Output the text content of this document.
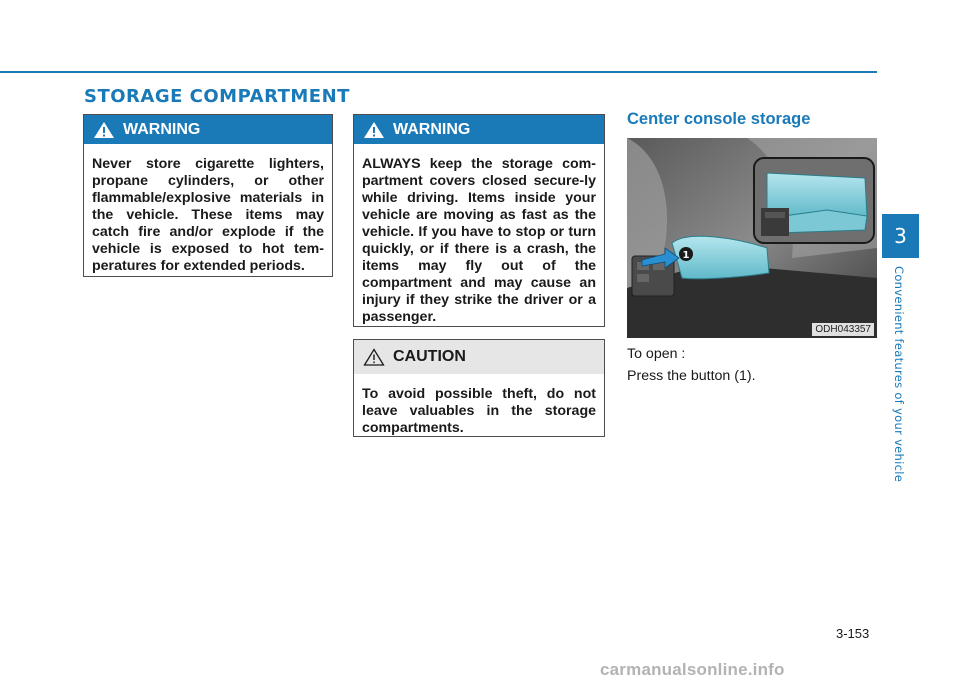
STORAGE COMPARTMENT
WARNING
Never store cigarette lighters, propane cylinders, or other flammable/explosive materials in the vehicle. These items may catch fire and/or explode if the vehicle is exposed to hot tem-peratures for extended periods.
WARNING
ALWAYS keep the storage com-partment covers closed secure-ly while driving. Items inside your vehicle are moving as fast as the vehicle. If you have to stop or turn quickly, or if there is a crash, the items may fly out of the compartment and may cause an injury if they strike the driver or a passenger.
CAUTION
To avoid possible theft, do not leave valuables in the storage compartments.
Center console storage
1
ODH043357

To open :

Press the button (1).

3-153
3
Convenient features of your vehicle
carmanualsonline.info
